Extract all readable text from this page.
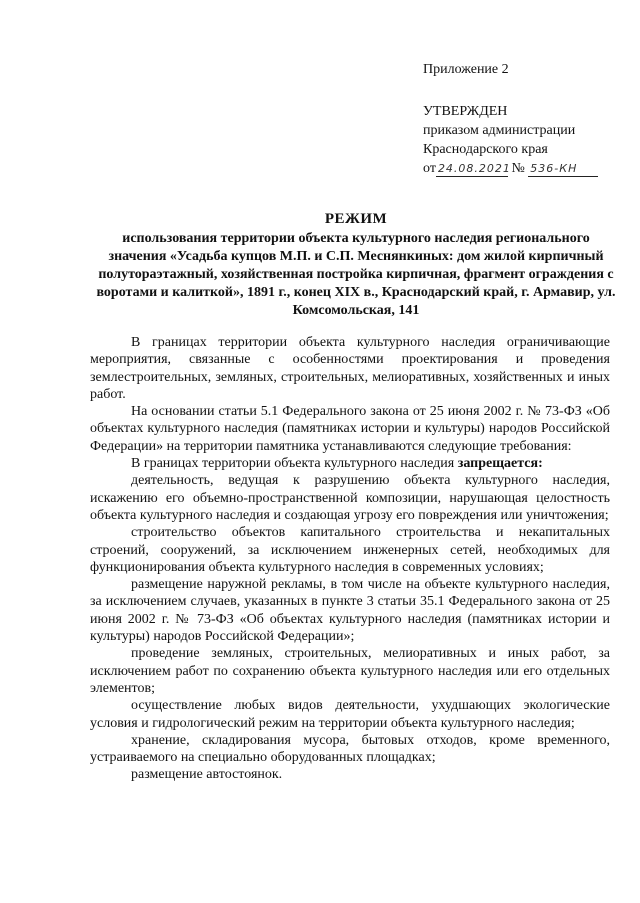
Приложение 2
УТВЕРЖДЕН
приказом администрации
Краснодарского края
от 24.08.2021 № 536-КН
РЕЖИМ
использования территории объекта культурного наследия регионального значения «Усадьба купцов М.П. и С.П. Меснянкиных: дом жилой кирпичный полутораэтажный, хозяйственная постройка кирпичная, фрагмент ограждения с воротами и калиткой», 1891 г., конец XIX в., Краснодарский край, г. Армавир, ул. Комсомольская, 141

В границах территории объекта культурного наследия ограничивающие мероприятия, связанные с особенностями проектирования и проведения землестроительных, земляных, строительных, мелиоративных, хозяйственных и иных работ.

На основании статьи 5.1 Федерального закона от 25 июня 2002 г. № 73-ФЗ «Об объектах культурного наследия (памятниках истории и культуры) народов Российской Федерации» на территории памятника устанавливаются следующие требования:

В границах территории объекта культурного наследия запрещается:

деятельность, ведущая к разрушению объекта культурного наследия, искажению его объемно-пространственной композиции, нарушающая целостность объекта культурного наследия и создающая угрозу его повреждения или уничтожения;

строительство объектов капитального строительства и некапитальных строений, сооружений, за исключением инженерных сетей, необходимых для функционирования объекта культурного наследия в современных условиях;

размещение наружной рекламы, в том числе на объекте культурного наследия, за исключением случаев, указанных в пункте 3 статьи 35.1 Федерального закона от 25 июня 2002 г. № 73-ФЗ «Об объектах культурного наследия (памятниках истории и культуры) народов Российской Федерации»;

проведение земляных, строительных, мелиоративных и иных работ, за исключением работ по сохранению объекта культурного наследия или его отдельных элементов;

осуществление любых видов деятельности, ухудшающих экологические условия и гидрологический режим на территории объекта культурного наследия;

хранение, складирования мусора, бытовых отходов, кроме временного, устраиваемого на специально оборудованных площадках;

размещение автостоянок.
